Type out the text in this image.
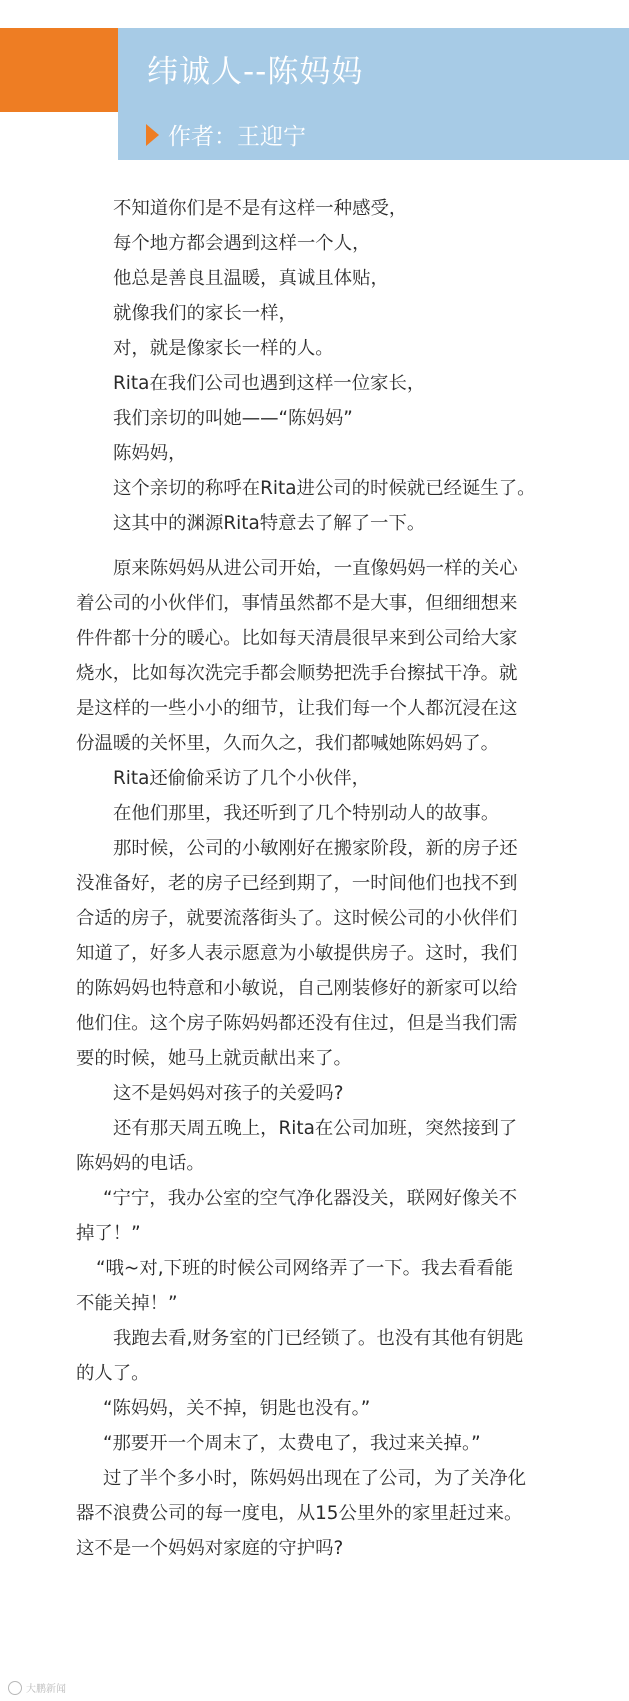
纬诚人--陈妈妈
作者：王迎宁
不知道你们是不是有这样一种感受，
每个地方都会遇到这样一个人，
他总是善良且温暖，真诚且体贴，
就像我们的家长一样，
对，就是像家长一样的人。
Rita在我们公司也遇到这样一位家长，
我们亲切的叫她——“陈妈妈”
陈妈妈，
这个亲切的称呼在Rita进公司的时候就已经诞生了。
这其中的渊源Rita特意去了解了一下。
原来陈妈妈从进公司开始，一直像妈妈一样的关心
着公司的小伙伴们，事情虽然都不是大事，但细细想来
件件都十分的暖心。比如每天清晨很早来到公司给大家
烧水，比如每次洗完手都会顺势把洗手台擦拭干净。就
是这样的一些小小的细节，让我们每一个人都沉浸在这
份温暖的关怀里，久而久之，我们都喊她陈妈妈了。
Rita还偷偷采访了几个小伙伴，
在他们那里，我还听到了几个特别动人的故事。
那时候，公司的小敏刚好在搬家阶段，新的房子还
没准备好，老的房子已经到期了，一时间他们也找不到
合适的房子，就要流落街头了。这时候公司的小伙伴们
知道了，好多人表示愿意为小敏提供房子。这时，我们
的陈妈妈也特意和小敏说，自己刚装修好的新家可以给
他们住。这个房子陈妈妈都还没有住过，但是当我们需
要的时候，她马上就贡献出来了。
这不是妈妈对孩子的关爱吗?
还有那天周五晚上，Rita在公司加班，突然接到了
陈妈妈的电话。
“宁宁，我办公室的空气净化器没关，联网好像关不
掉了！”
“哦~对,下班的时候公司网络弄了一下。我去看看能
不能关掉！”
我跑去看,财务室的门已经锁了。也没有其他有钥匙
的人了。
“陈妈妈，关不掉，钥匙也没有。”
“那要开一个周末了，太费电了，我过来关掉。”
过了半个多小时，陈妈妈出现在了公司，为了关净化
器不浪费公司的每一度电，从15公里外的家里赶过来。
这不是一个妈妈对家庭的守护吗?
大鹏新闻
